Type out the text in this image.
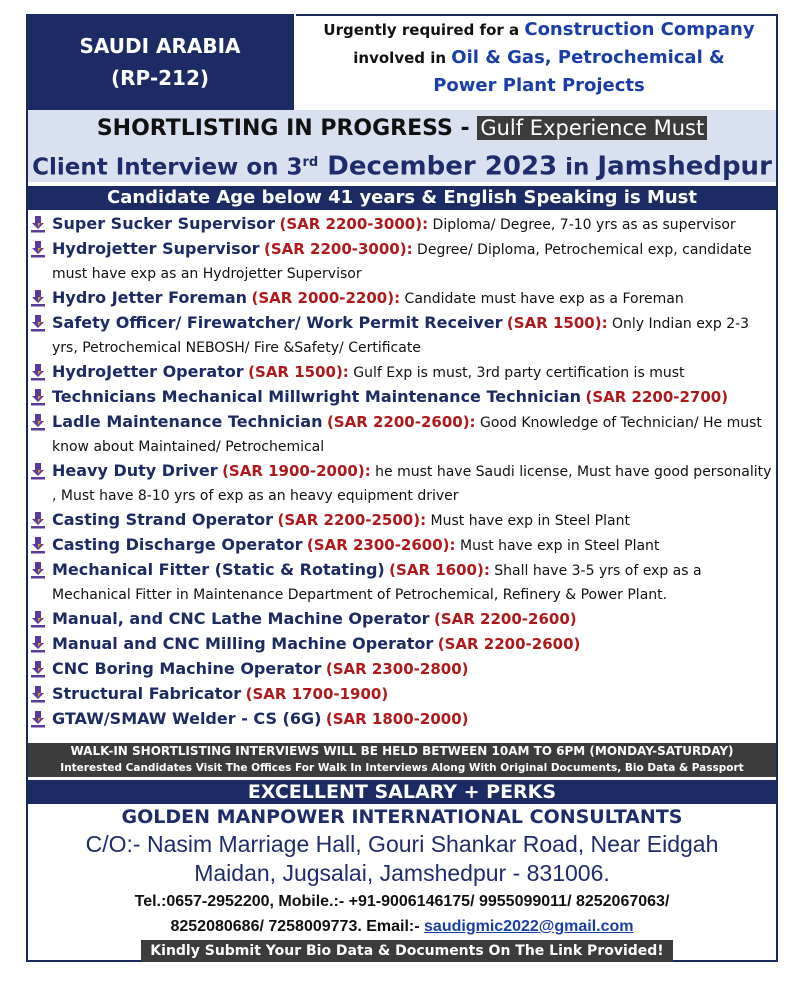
SAUDI ARABIA
(RP-212)
Urgently required for a Construction Company
involved in Oil & Gas, Petrochemical &
Power Plant Projects
SHORTLISTING IN PROGRESS - Gulf Experience Must
Client Interview on 3rd December 2023 in Jamshedpur
Candidate Age below 41 years & English Speaking is Must
Super Sucker Supervisor (SAR 2200-3000): Diploma/ Degree, 7-10 yrs as as supervisor
Hydrojetter Supervisor (SAR 2200-3000): Degree/ Diploma, Petrochemical exp, candidate must have exp as an Hydrojetter Supervisor
Hydro Jetter Foreman (SAR 2000-2200): Candidate must have exp as a Foreman
Safety Officer/ Firewatcher/ Work Permit Receiver (SAR 1500): Only Indian exp 2-3 yrs, Petrochemical NEBOSH/ Fire &Safety/ Certificate
HydroJetter Operator (SAR 1500): Gulf Exp is must, 3rd party certification is must
Technicians Mechanical Millwright Maintenance Technician (SAR 2200-2700)
Ladle Maintenance Technician (SAR 2200-2600): Good Knowledge of Technician/ He must know about Maintained/ Petrochemical
Heavy Duty Driver (SAR 1900-2000): he must have Saudi license, Must have good personality , Must have 8-10 yrs of exp as an heavy equipment driver
Casting Strand Operator (SAR 2200-2500): Must have exp in Steel Plant
Casting Discharge Operator (SAR 2300-2600): Must have exp in Steel Plant
Mechanical Fitter (Static & Rotating) (SAR 1600): Shall have 3-5 yrs of exp as a Mechanical Fitter in Maintenance Department of Petrochemical, Refinery & Power Plant.
Manual, and CNC Lathe Machine Operator (SAR 2200-2600)
Manual and CNC Milling Machine Operator (SAR 2200-2600)
CNC Boring Machine Operator (SAR 2300-2800)
Structural Fabricator (SAR 1700-1900)
GTAW/SMAW Welder - CS (6G) (SAR 1800-2000)
WALK-IN SHORTLISTING INTERVIEWS WILL BE HELD BETWEEN 10AM TO 6PM (MONDAY-SATURDAY)
Interested Candidates Visit The Offices For Walk In Interviews Along With Original Documents, Bio Data & Passport
EXCELLENT SALARY + PERKS
GOLDEN MANPOWER INTERNATIONAL CONSULTANTS
C/O:- Nasim Marriage Hall, Gouri Shankar Road, Near Eidgah
Maidan, Jugsalai, Jamshedpur - 831006.
Tel.:0657-2952200, Mobile.:- +91-9006146175/ 9955099011/ 8252067063/
8252080686/ 7258009773. Email:- saudigmic2022@gmail.com
Kindly Submit Your Bio Data & Documents On The Link Provided!
